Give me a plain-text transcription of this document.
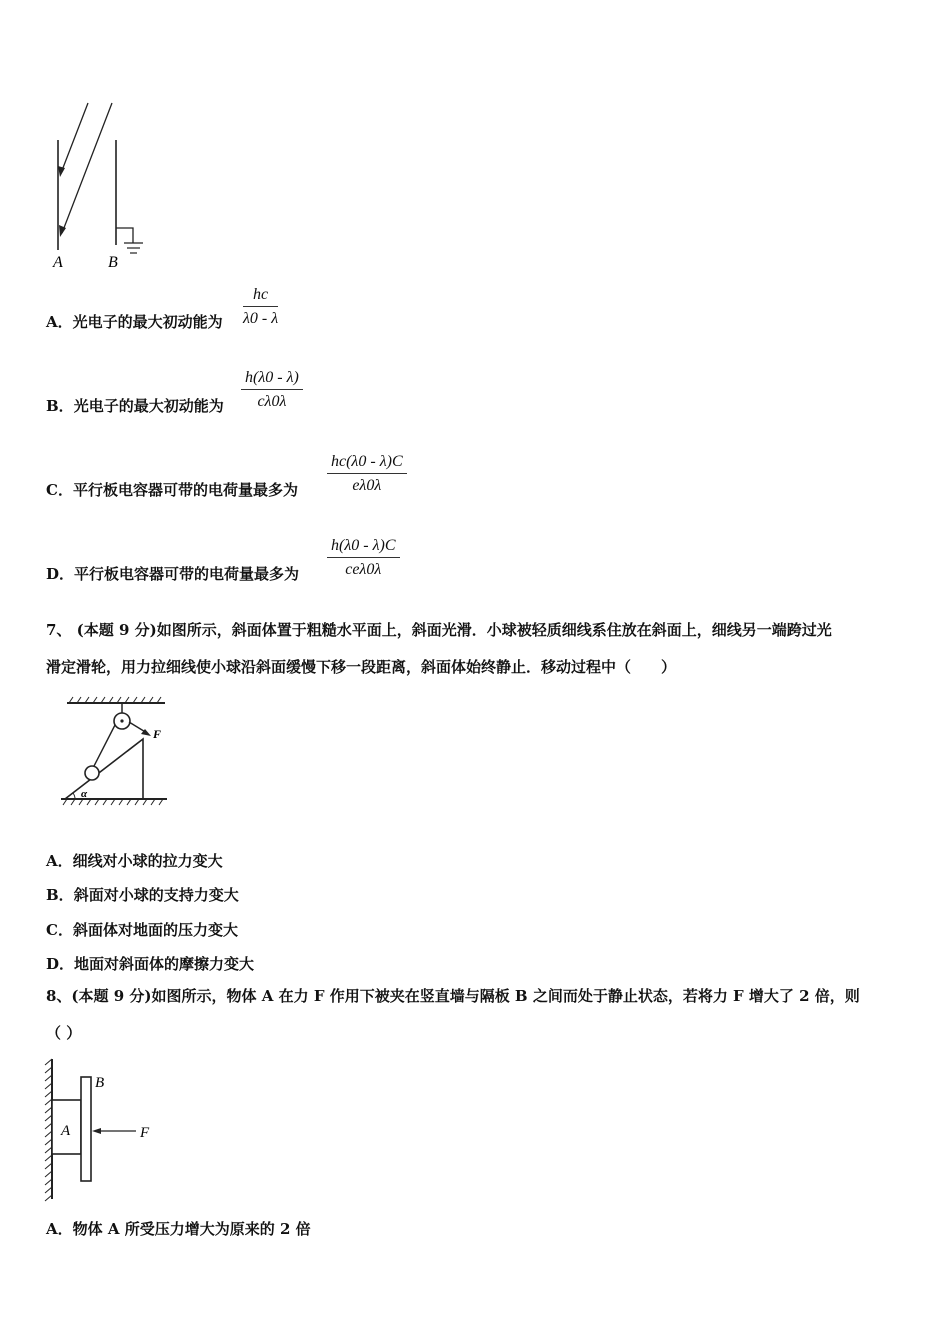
A	B
A．光电子的最大初动能为 $\frac{hc}{\lambda 0 - \lambda}$
B．光电子的最大初动能为 $\frac{h(\lambda 0 - \lambda)}{c\lambda 0\lambda}$
C．平行板电容器可带的电荷量最多为 $\frac{hc(\lambda 0 - \lambda)C}{e\lambda 0\lambda}$
D．平行板电容器可带的电荷量最多为
h(λ0 - λ)C
ceλ0λ
7、 (本题 9 分)如图所示，斜面体置于粗糙水平面上，斜面光滑．小球被轻质细线系住放在斜面上，细线另一端跨过光
滑定滑轮，用力拉细线使小球沿斜面缓慢下移一段距离，斜面体始终静止．移动过程中（　　）
F
α
A．细线对小球的拉力变大
B．斜面对小球的支持力变大
C．斜面体对地面的压力变大
D．地面对斜面体的摩擦力变大
8、(本题 9 分)如图所示，物体 A 在力 F 作用下被夹在竖直墙与隔板 B 之间而处于静止状态，若将力 F 增大了 2 倍，则
（ ）
A
B
F
A．物体 A 所受压力增大为原来的 2 倍
